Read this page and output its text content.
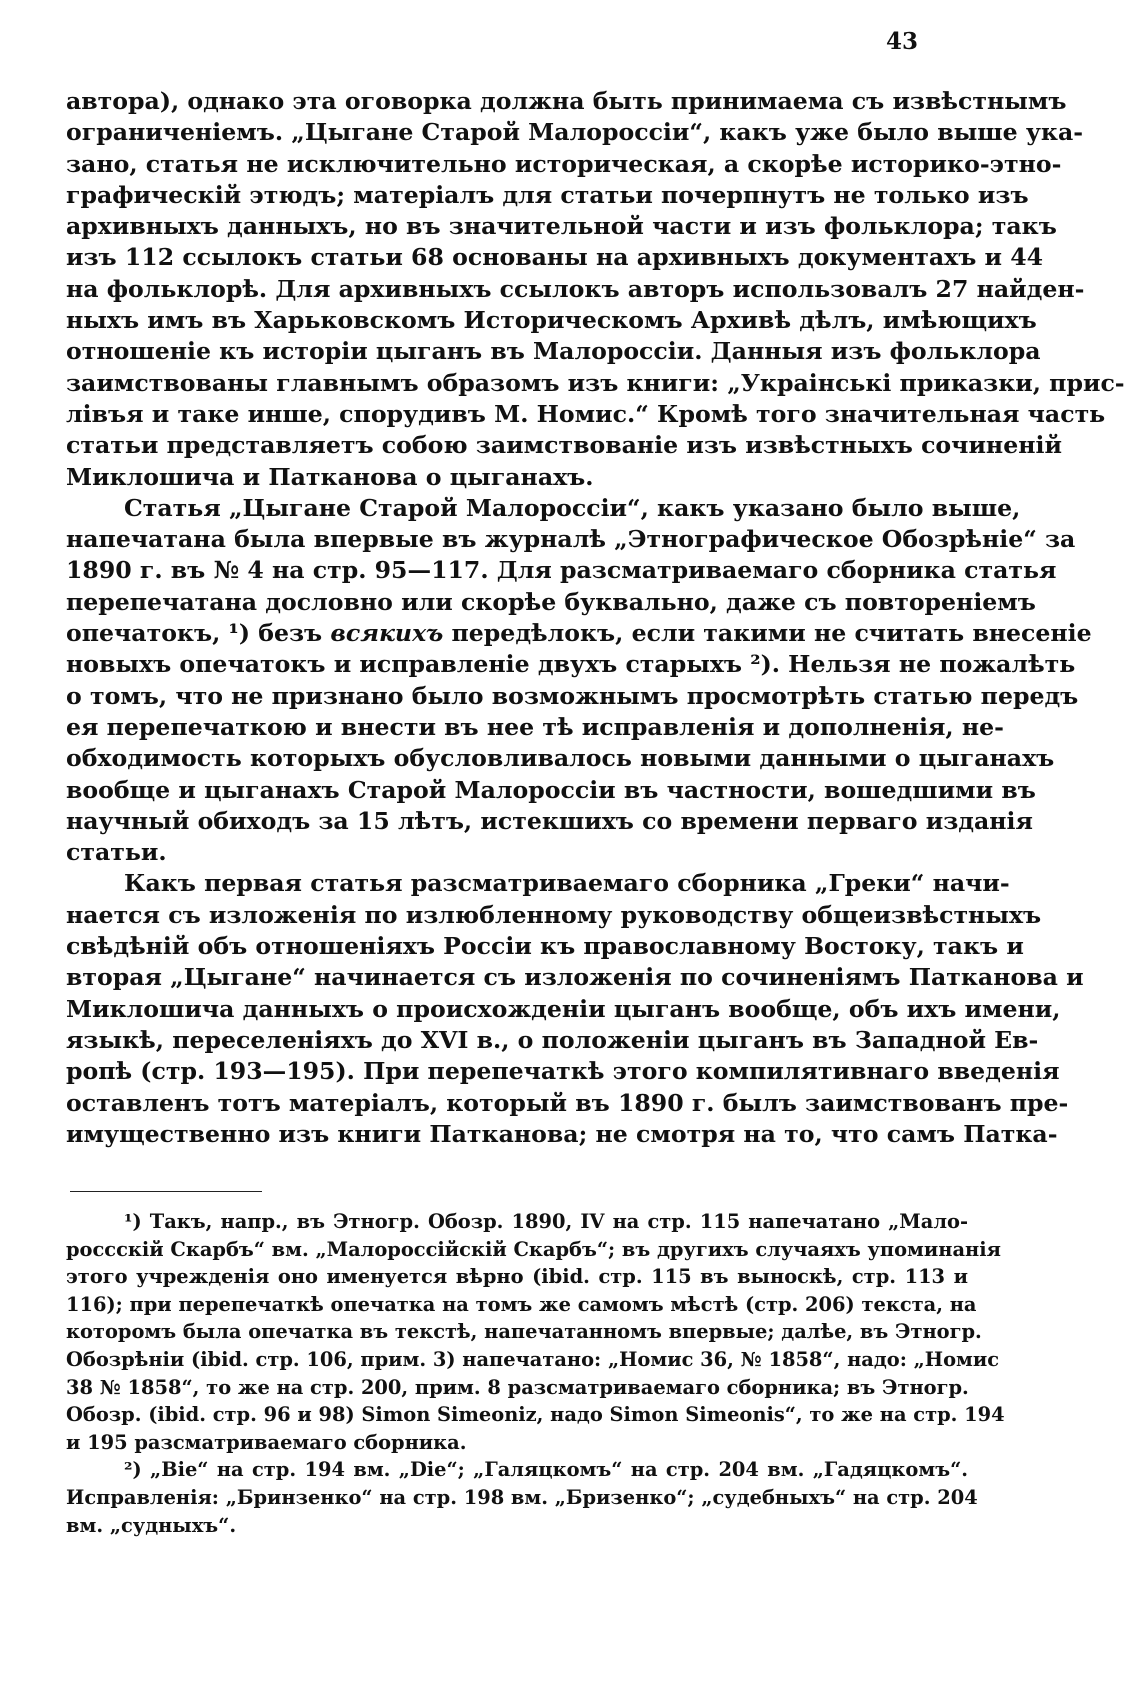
43

автора), однако эта оговорка должна быть принимаема съ извѣстнымъ

ограниченіемъ. „Цыгане Старой Малороссіи“, какъ уже было выше ука-

зано, статья не исключительно историческая, а скорѣе историко-этно-

графическій этюдъ; матеріалъ для статьи почерпнутъ не только изъ

архивныхъ данныхъ, но въ значительной части и изъ фольклора; такъ

изъ 112 ссылокъ статьи 68 основаны на архивныхъ документахъ и 44

на фольклорѣ. Для архивныхъ ссылокъ авторъ использовалъ 27 найден-

ныхъ имъ въ Харьковскомъ Историческомъ Архивѣ дѣлъ, имѣющихъ

отношеніе къ исторіи цыганъ въ Малороссіи. Данныя изъ фольклора

заимствованы главнымъ образомъ изъ книги: „Украінські приказки, прис-

лівъя и таке инше, спорудивъ М. Номис.“ Кромѣ того значительная часть

статьи представляетъ собою заимствованіе изъ извѣстныхъ сочиненій

Миклошича и Патканова о цыганахъ.

Статья „Цыгане Старой Малороссіи“, какъ указано было выше,

напечатана была впервые въ журналѣ „Этнографическое Обозрѣніе“ за

1890 г. въ № 4 на стр. 95—117. Для разсматриваемаго сборника статья

перепечатана дословно или скорѣе буквально, даже съ повтореніемъ

опечатокъ, ¹) безъ всякихъ передѣлокъ, если такими не считать внесеніе

новыхъ опечатокъ и исправленіе двухъ старыхъ ²). Нельзя не пожалѣть

о томъ, что не признано было возможнымъ просмотрѣть статью передъ

ея перепечаткою и внести въ нее тѣ исправленія и дополненія, не-

обходимость которыхъ обусловливалось новыми данными о цыганахъ

вообще и цыганахъ Старой Малороссіи въ частности, вошедшими въ

научный обиходъ за 15 лѣтъ, истекшихъ со времени перваго изданія

статьи.

Какъ первая статья разсматриваемаго сборника „Греки“ начи-

нается съ изложенія по излюбленному руководству общеизвѣстныхъ

свѣдѣній объ отношеніяхъ Россіи къ православному Востоку, такъ и

вторая „Цыгане“ начинается съ изложенія по сочиненіямъ Патканова и

Миклошича данныхъ о происхожденіи цыганъ вообще, объ ихъ имени,

языкѣ, переселеніяхъ до XVI в., о положеніи цыганъ въ Западной Ев-

ропѣ (стр. 193—195). При перепечаткѣ этого компилятивнаго введенія

оставленъ тотъ матеріалъ, который въ 1890 г. былъ заимствованъ пре-

имущественно изъ книги Патканова; не смотря на то, что самъ Патка-

¹) Такъ, напр., въ Этногр. Обозр. 1890, IV на стр. 115 напечатано „Мало-

россскій Скарбъ“ вм. „Малороссійскій Скарбъ“; въ другихъ случаяхъ упоминанія

этого учрежденія оно именуется вѣрно (ibid. стр. 115 въ выноскѣ, стр. 113 и

116); при перепечаткѣ опечатка на томъ же самомъ мѣстѣ (стр. 206) текста, на

которомъ была опечатка въ текстѣ, напечатанномъ впервые; далѣе, въ Этногр.

Обозрѣніи (ibid. стр. 106, прим. 3) напечатано: „Номис 36, № 1858“, надо: „Номис

38 № 1858“, то же на стр. 200, прим. 8 разсматриваемаго сборника; въ Этногр.

Обозр. (ibid. стр. 96 и 98) Simon Simeoniz, надо Simon Simeonis“, то же на стр. 194

и 195 разсматриваемаго сборника.

²) „Bie“ на стр. 194 вм. „Die“; „Галяцкомъ“ на стр. 204 вм. „Гадяцкомъ“.

Исправленія: „Бринзенко“ на стр. 198 вм. „Бризенко“; „судебныхъ“ на стр. 204

вм. „судныхъ“.
